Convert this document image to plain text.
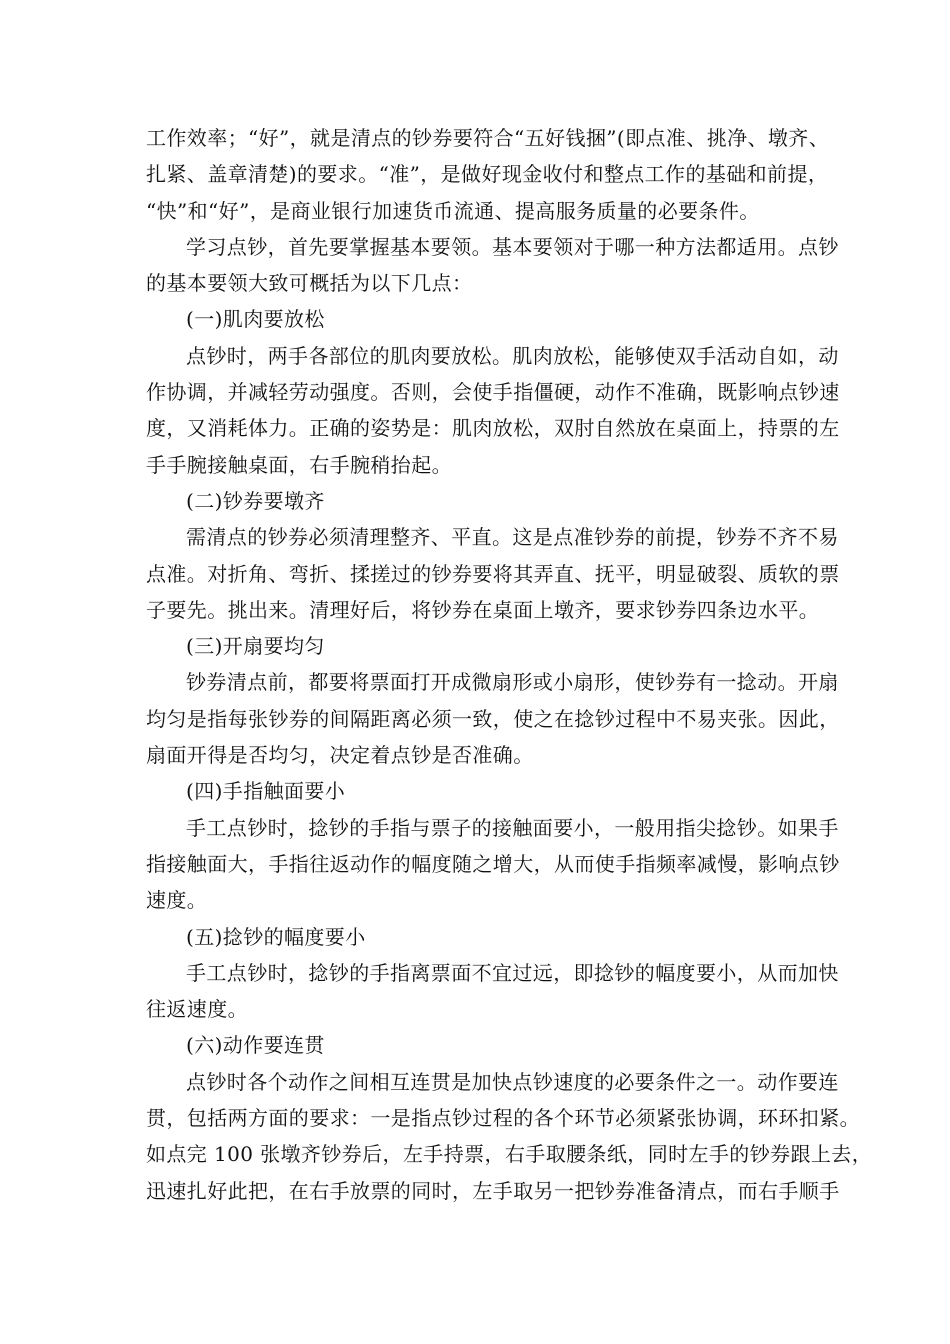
工作效率；“好”，就是清点的钞券要符合“五好钱捆”(即点准、挑净、墩齐、
扎紧、盖章清楚)的要求。“准”，是做好现金收付和整点工作的基础和前提，
“快”和“好”，是商业银行加速货币流通、提高服务质量的必要条件。
学习点钞，首先要掌握基本要领。基本要领对于哪一种方法都适用。点钞
的基本要领大致可概括为以下几点：
(一)肌肉要放松
点钞时，两手各部位的肌肉要放松。肌肉放松，能够使双手活动自如，动
作协调，并减轻劳动强度。否则，会使手指僵硬，动作不准确，既影响点钞速
度，又消耗体力。正确的姿势是：肌肉放松，双肘自然放在桌面上，持票的左
手手腕接触桌面，右手腕稍抬起。
(二)钞券要墩齐
需清点的钞券必须清理整齐、平直。这是点准钞券的前提，钞券不齐不易
点准。对折角、弯折、揉搓过的钞券要将其弄直、抚平，明显破裂、质软的票
子要先。挑出来。清理好后，将钞券在桌面上墩齐，要求钞券四条边水平。
(三)开扇要均匀
钞券清点前，都要将票面打开成微扇形或小扇形，使钞券有一捻动。开扇
均匀是指每张钞券的间隔距离必须一致，使之在捻钞过程中不易夹张。因此，
扇面开得是否均匀，决定着点钞是否准确。
(四)手指触面要小
手工点钞时，捻钞的手指与票子的接触面要小，一般用指尖捻钞。如果手
指接触面大，手指往返动作的幅度随之增大，从而使手指频率减慢，影响点钞
速度。
(五)捻钞的幅度要小
手工点钞时，捻钞的手指离票面不宜过远，即捻钞的幅度要小，从而加快
往返速度。
(六)动作要连贯
点钞时各个动作之间相互连贯是加快点钞速度的必要条件之一。动作要连
贯，包括两方面的要求：一是指点钞过程的各个环节必须紧张协调，环环扣紧。
如点完 100 张墩齐钞券后，左手持票，右手取腰条纸，同时左手的钞券跟上去，
迅速扎好此把，在右手放票的同时，左手取另一把钞券准备清点，而右手顺手
